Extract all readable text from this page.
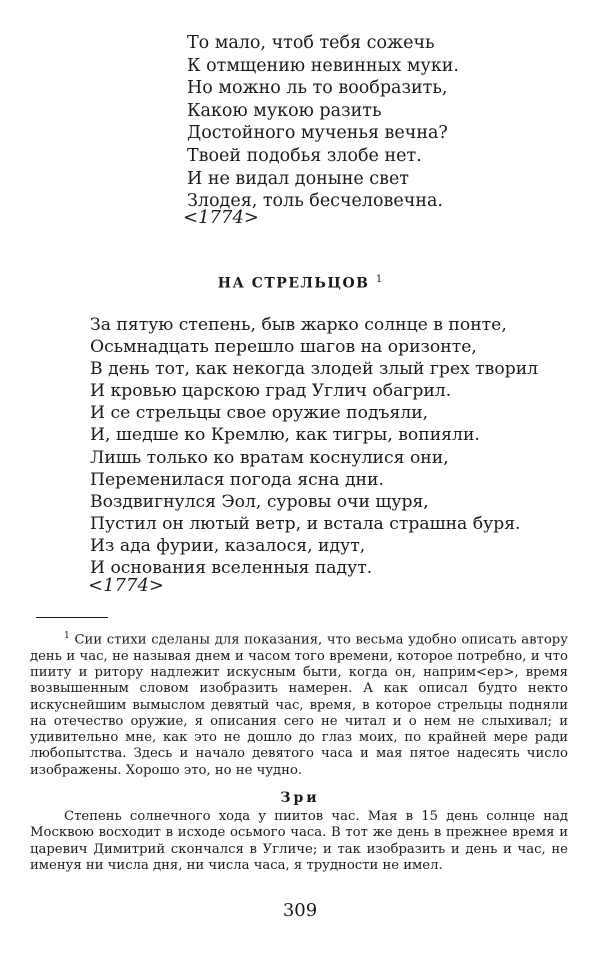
То мало, чтоб тебя сожечь
К отмщению невинных муки.
Но можно ль то вообразить,
Какою мукою разить
Достойного мученья вечна?
Твоей подобья злобе нет.
И не видал доныне свет
Злодея, толь бесчеловечна.
<1774>
НА СТРЕЛЬЦОВ $^1$
За пятую степень, быв жарко солнце в понте,
Осьмнадцать перешло шагов на оризонте,
В день тот, как некогда злодей злый грех творил
И кровью царскою град Углич обагрил.
И се стрельцы свое оружие подъяли,
И, шедше ко Кремлю, как тигры, вопияли.
Лишь только ко вратам коснулися они,
Переменилася погода ясна дни.
Воздвигнулся Эол, суровы очи щуря,
Пустил он лютый ветр, и встала страшна буря.
Из ада фурии, казалося, идут,
И основания вселенныя падут.
<1774>
$^1$ Сии стихи сделаны для показания, что весьма удобно описать автору день и час, не называя днем и часом того времени, которое потребно, и что пииту и ритору надлежит искусным быти, когда он, наприм<ер>, время возвышенным словом изобразить намерен. А как описал будто некто искуснейшим вымыслом девятый час, время, в которое стрельцы подняли на отечество оружие, я описания сего не читал и о нем не слыхивал; и удивительно мне, как это не дошло до глаз моих, по крайней мере ради любопытства. Здесь и начало девятого часа и мая пятое надесять число изображены. Хорошо это, но не чудно.
Зри
Степень солнечного хода у пиитов час. Мая в 15 день солнце над Москвою восходит в исходе осьмого часа. В тот же день в прежнее время и царевич Димитрий скончался в Угличе; и так изобразить и день и час, не именуя ни числа дня, ни числа часа, я трудности не имел.
309
